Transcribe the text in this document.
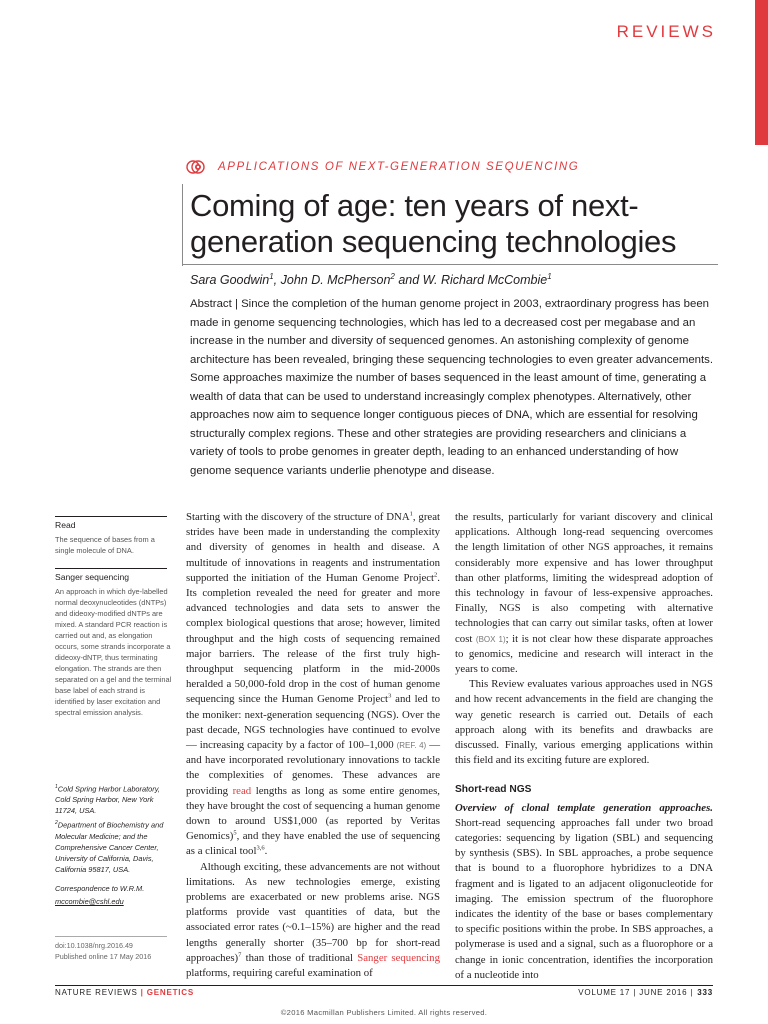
REVIEWS
APPLICATIONS OF NEXT-GENERATION SEQUENCING
Coming of age: ten years of next-generation sequencing technologies
Sara Goodwin$^1$, John D. McPherson$^2$ and W. Richard McCombie$^1$
Abstract | Since the completion of the human genome project in 2003, extraordinary progress has been made in genome sequencing technologies, which has led to a decreased cost per megabase and an increase in the number and diversity of sequenced genomes. An astonishing complexity of genome architecture has been revealed, bringing these sequencing technologies to even greater advancements. Some approaches maximize the number of bases sequenced in the least amount of time, generating a wealth of data that can be used to understand increasingly complex phenotypes. Alternatively, other approaches now aim to sequence longer contiguous pieces of DNA, which are essential for resolving structurally complex regions. These and other strategies are providing researchers and clinicians a variety of tools to probe genomes in greater depth, leading to an enhanced understanding of how genome sequence variants underlie phenotype and disease.
Read
The sequence of bases from a single molecule of DNA.
Sanger sequencing
An approach in which dye-labelled normal deoxynucleotides (dNTPs) and dideoxy-modified dNTPs are mixed. A standard PCR reaction is carried out and, as elongation occurs, some strands incorporate a dideoxy-dNTP, thus terminating elongation. The strands are then separated on a gel and the terminal base label of each strand is identified by laser excitation and spectral emission analysis.

$^1$Cold Spring Harbor Laboratory, Cold Spring Harbor, New York 11724, USA.

$^2$Department of Biochemistry and Molecular Medicine; and the Comprehensive Cancer Center, University of California, Davis, California 95817, USA.

Correspondence to W.R.M.

mccombie@cshl.edu

doi:10.1038/nrg.2016.49
Published online 17 May 2016

Starting with the discovery of the structure of DNA$^1$, great strides have been made in understanding the complexity and diversity of genomes in health and disease. A multitude of innovations in reagents and instrumentation supported the initiation of the Human Genome Project$^2$. Its completion revealed the need for greater and more advanced technologies and data sets to answer the complex biological questions that arose; however, limited throughput and the high costs of sequencing remained major barriers. The release of the first truly high-throughput sequencing platform in the mid-2000s heralded a 50,000-fold drop in the cost of human genome sequencing since the Human Genome Project$^3$ and led to the moniker: next-generation sequencing (NGS). Over the past decade, NGS technologies have continued to evolve — increasing capacity by a factor of 100–1,000 (REF. 4) — and have incorporated revolutionary innovations to tackle the complexities of genomes. These advances are providing read lengths as long as some entire genomes, they have brought the cost of sequencing a human genome down to around US$1,000 (as reported by Veritas Genomics)$^5$, and they have enabled the use of sequencing as a clinical tool$^{3,6}$.

Although exciting, these advancements are not without limitations. As new technologies emerge, existing problems are exacerbated or new problems arise. NGS platforms provide vast quantities of data, but the associated error rates (~0.1–15%) are higher and the read lengths generally shorter (35–700 bp for short-read approaches)$^7$ than those of traditional Sanger sequencing platforms, requiring careful examination of

the results, particularly for variant discovery and clinical applications. Although long-read sequencing overcomes the length limitation of other NGS approaches, it remains considerably more expensive and has lower throughput than other platforms, limiting the widespread adoption of this technology in favour of less-expensive approaches. Finally, NGS is also competing with alternative technologies that can carry out similar tasks, often at lower cost (BOX 1); it is not clear how these disparate approaches to genomics, medicine and research will interact in the years to come.

This Review evaluates various approaches used in NGS and how recent advancements in the field are changing the way genetic research is carried out. Details of each approach along with its benefits and drawbacks are discussed. Finally, various emerging applications within this field and its exciting future are explored.

Short-read NGS

Overview of clonal template generation approaches. Short-read sequencing approaches fall under two broad categories: sequencing by ligation (SBL) and sequencing by synthesis (SBS). In SBL approaches, a probe sequence that is bound to a fluorophore hybridizes to a DNA fragment and is ligated to an adjacent oligonucleotide for imaging. The emission spectrum of the fluorophore indicates the identity of the base or bases complementary to specific positions within the probe. In SBS approaches, a polymerase is used and a signal, such as a fluorophore or a change in ionic concentration, identifies the incorporation of a nucleotide into

NATURE REVIEWS | GENETICS	VOLUME 17 | JUNE 2016 | 333
©2016 Macmillan Publishers Limited. All rights reserved.
